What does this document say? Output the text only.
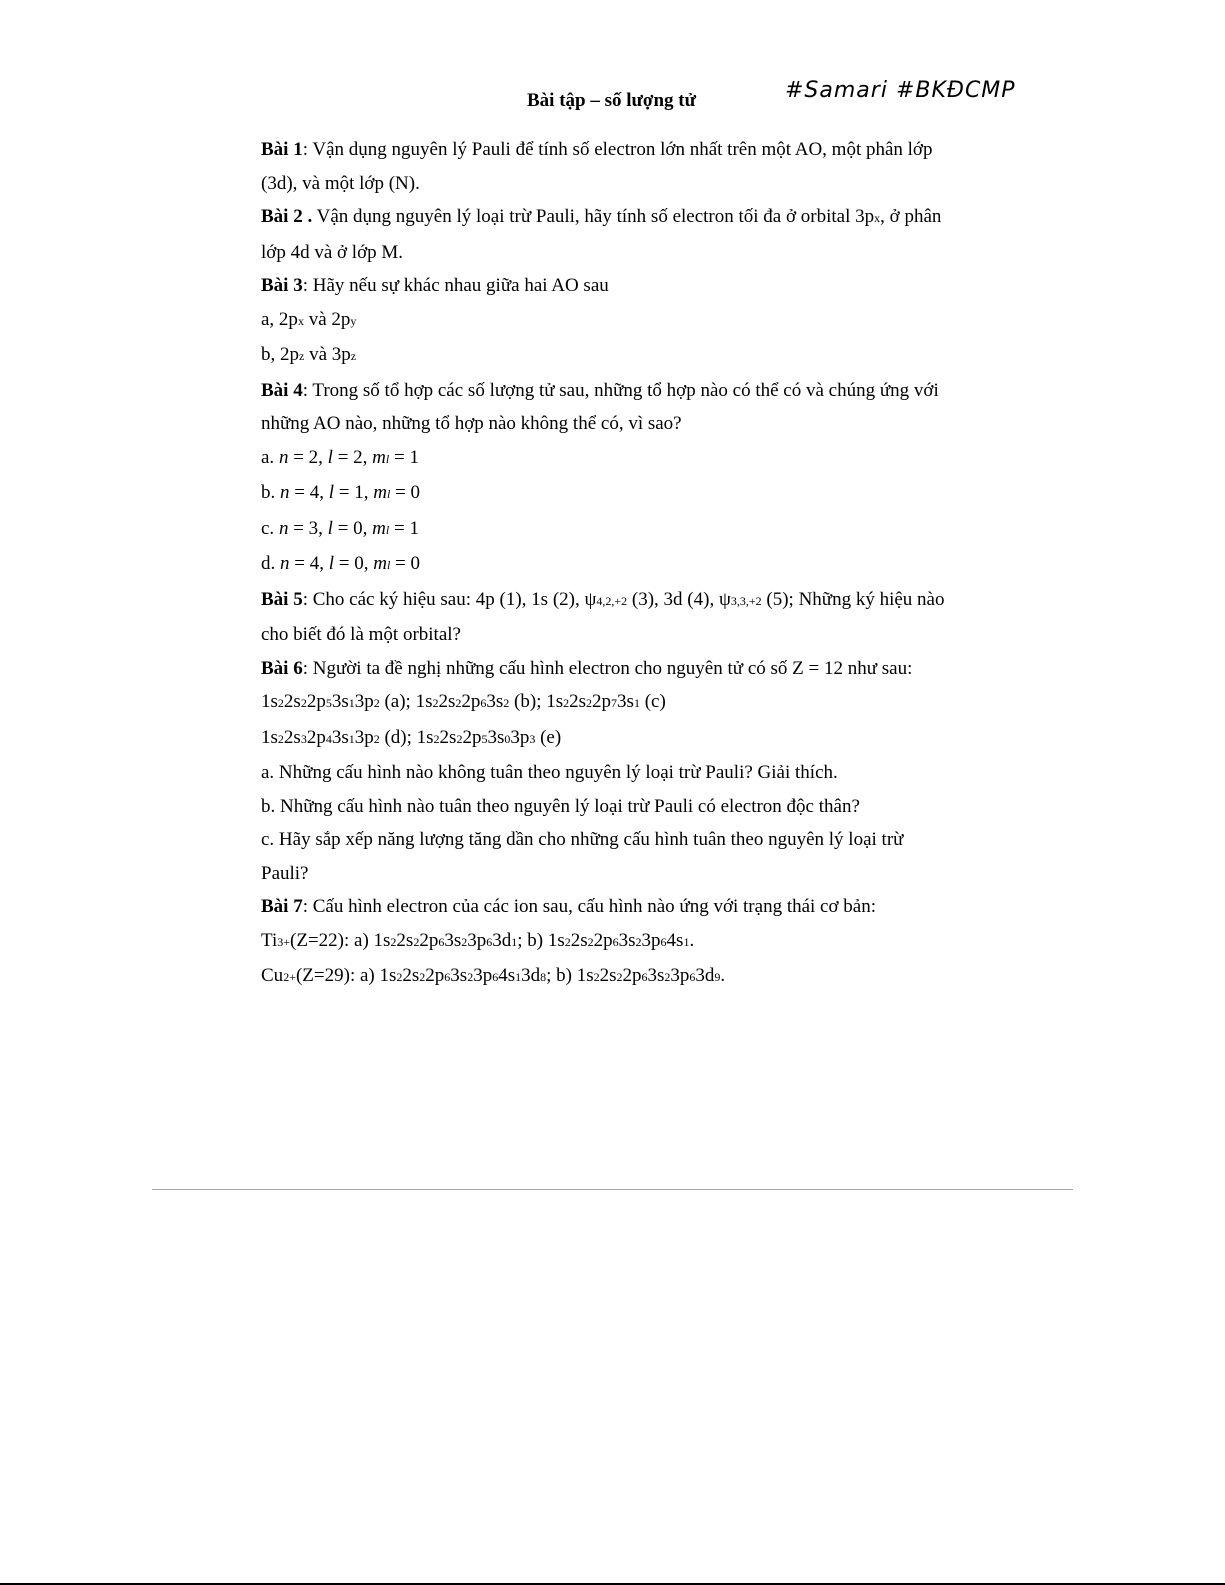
Bài tập – số lượng tử	#Samari #BKĐCMP
Bài 1: Vận dụng nguyên lý Pauli để tính số electron lớn nhất trên một AO, một phân lớp
(3d), và một lớp (N).
Bài 2 . Vận dụng nguyên lý loại trừ Pauli, hãy tính số electron tối đa ở orbital 3px, ở phân
lớp 4d và ở lớp M.
Bài 3: Hãy nếu sự khác nhau giữa hai AO sau
a, 2px và 2py
b, 2pz và 3pz
Bài 4: Trong số tổ hợp các số lượng tử sau, những tổ hợp nào có thể có và chúng ứng với
những AO nào, những tổ hợp nào không thể có, vì sao?
a. n = 2, l = 2, ml = 1
b. n = 4, l = 1, ml = 0
c. n = 3, l = 0, ml = 1
d. n = 4, l = 0, ml = 0
Bài 5: Cho các ký hiệu sau: 4p (1), 1s (2), ψ4,2,+2 (3), 3d (4), ψ3,3,+2 (5); Những ký hiệu nào
cho biết đó là một orbital?
Bài 6: Người ta đề nghị những cấu hình electron cho nguyên tử có số Z = 12 như sau:
1s22s22p53s13p2 (a); 1s22s22p63s2 (b); 1s22s22p73s1 (c)
1s22s32p43s13p2 (d); 1s22s22p53s03p3 (e)
a. Những cấu hình nào không tuân theo nguyên lý loại trừ Pauli? Giải thích.
b. Những cấu hình nào tuân theo nguyên lý loại trừ Pauli có electron độc thân?
c. Hãy sắp xếp năng lượng tăng dần cho những cấu hình tuân theo nguyên lý loại trừ
Pauli?
Bài 7: Cấu hình electron của các ion sau, cấu hình nào ứng với trạng thái cơ bản:
Ti3+(Z=22): a) 1s22s22p63s23p63d1; b) 1s22s22p63s23p64s1.
Cu2+(Z=29): a) 1s22s22p63s23p64s13d8; b) 1s22s22p63s23p63d9.
